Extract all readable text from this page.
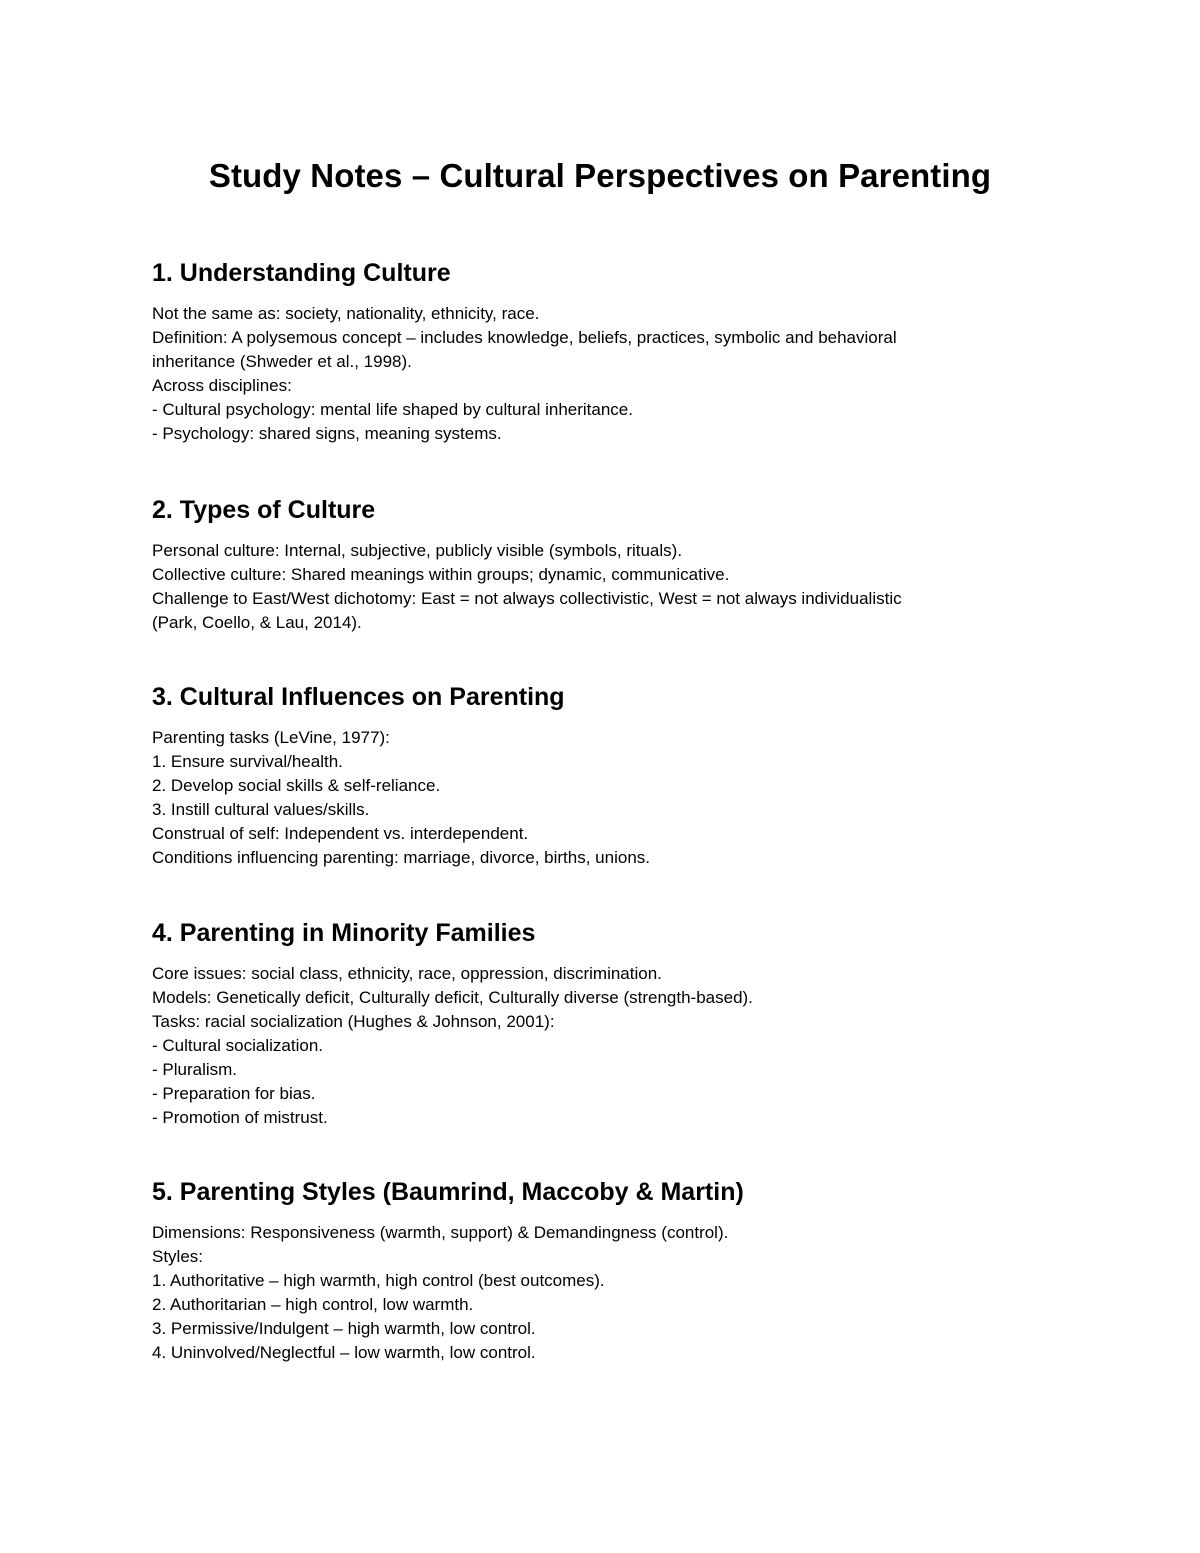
Study Notes – Cultural Perspectives on Parenting
1. Understanding Culture
Not the same as: society, nationality, ethnicity, race.
Definition: A polysemous concept – includes knowledge, beliefs, practices, symbolic and behavioral
inheritance (Shweder et al., 1998).
Across disciplines:
- Cultural psychology: mental life shaped by cultural inheritance.
- Psychology: shared signs, meaning systems.
2. Types of Culture
Personal culture: Internal, subjective, publicly visible (symbols, rituals).
Collective culture: Shared meanings within groups; dynamic, communicative.
Challenge to East/West dichotomy: East = not always collectivistic, West = not always individualistic
(Park, Coello, & Lau, 2014).
3. Cultural Influences on Parenting
Parenting tasks (LeVine, 1977):
1. Ensure survival/health.
2. Develop social skills & self-reliance.
3. Instill cultural values/skills.
Construal of self: Independent vs. interdependent.
Conditions influencing parenting: marriage, divorce, births, unions.
4. Parenting in Minority Families
Core issues: social class, ethnicity, race, oppression, discrimination.
Models: Genetically deficit, Culturally deficit, Culturally diverse (strength-based).
Tasks: racial socialization (Hughes & Johnson, 2001):
- Cultural socialization.
- Pluralism.
- Preparation for bias.
- Promotion of mistrust.
5. Parenting Styles (Baumrind, Maccoby & Martin)
Dimensions: Responsiveness (warmth, support) & Demandingness (control).
Styles:
1. Authoritative – high warmth, high control (best outcomes).
2. Authoritarian – high control, low warmth.
3. Permissive/Indulgent – high warmth, low control.
4. Uninvolved/Neglectful – low warmth, low control.
